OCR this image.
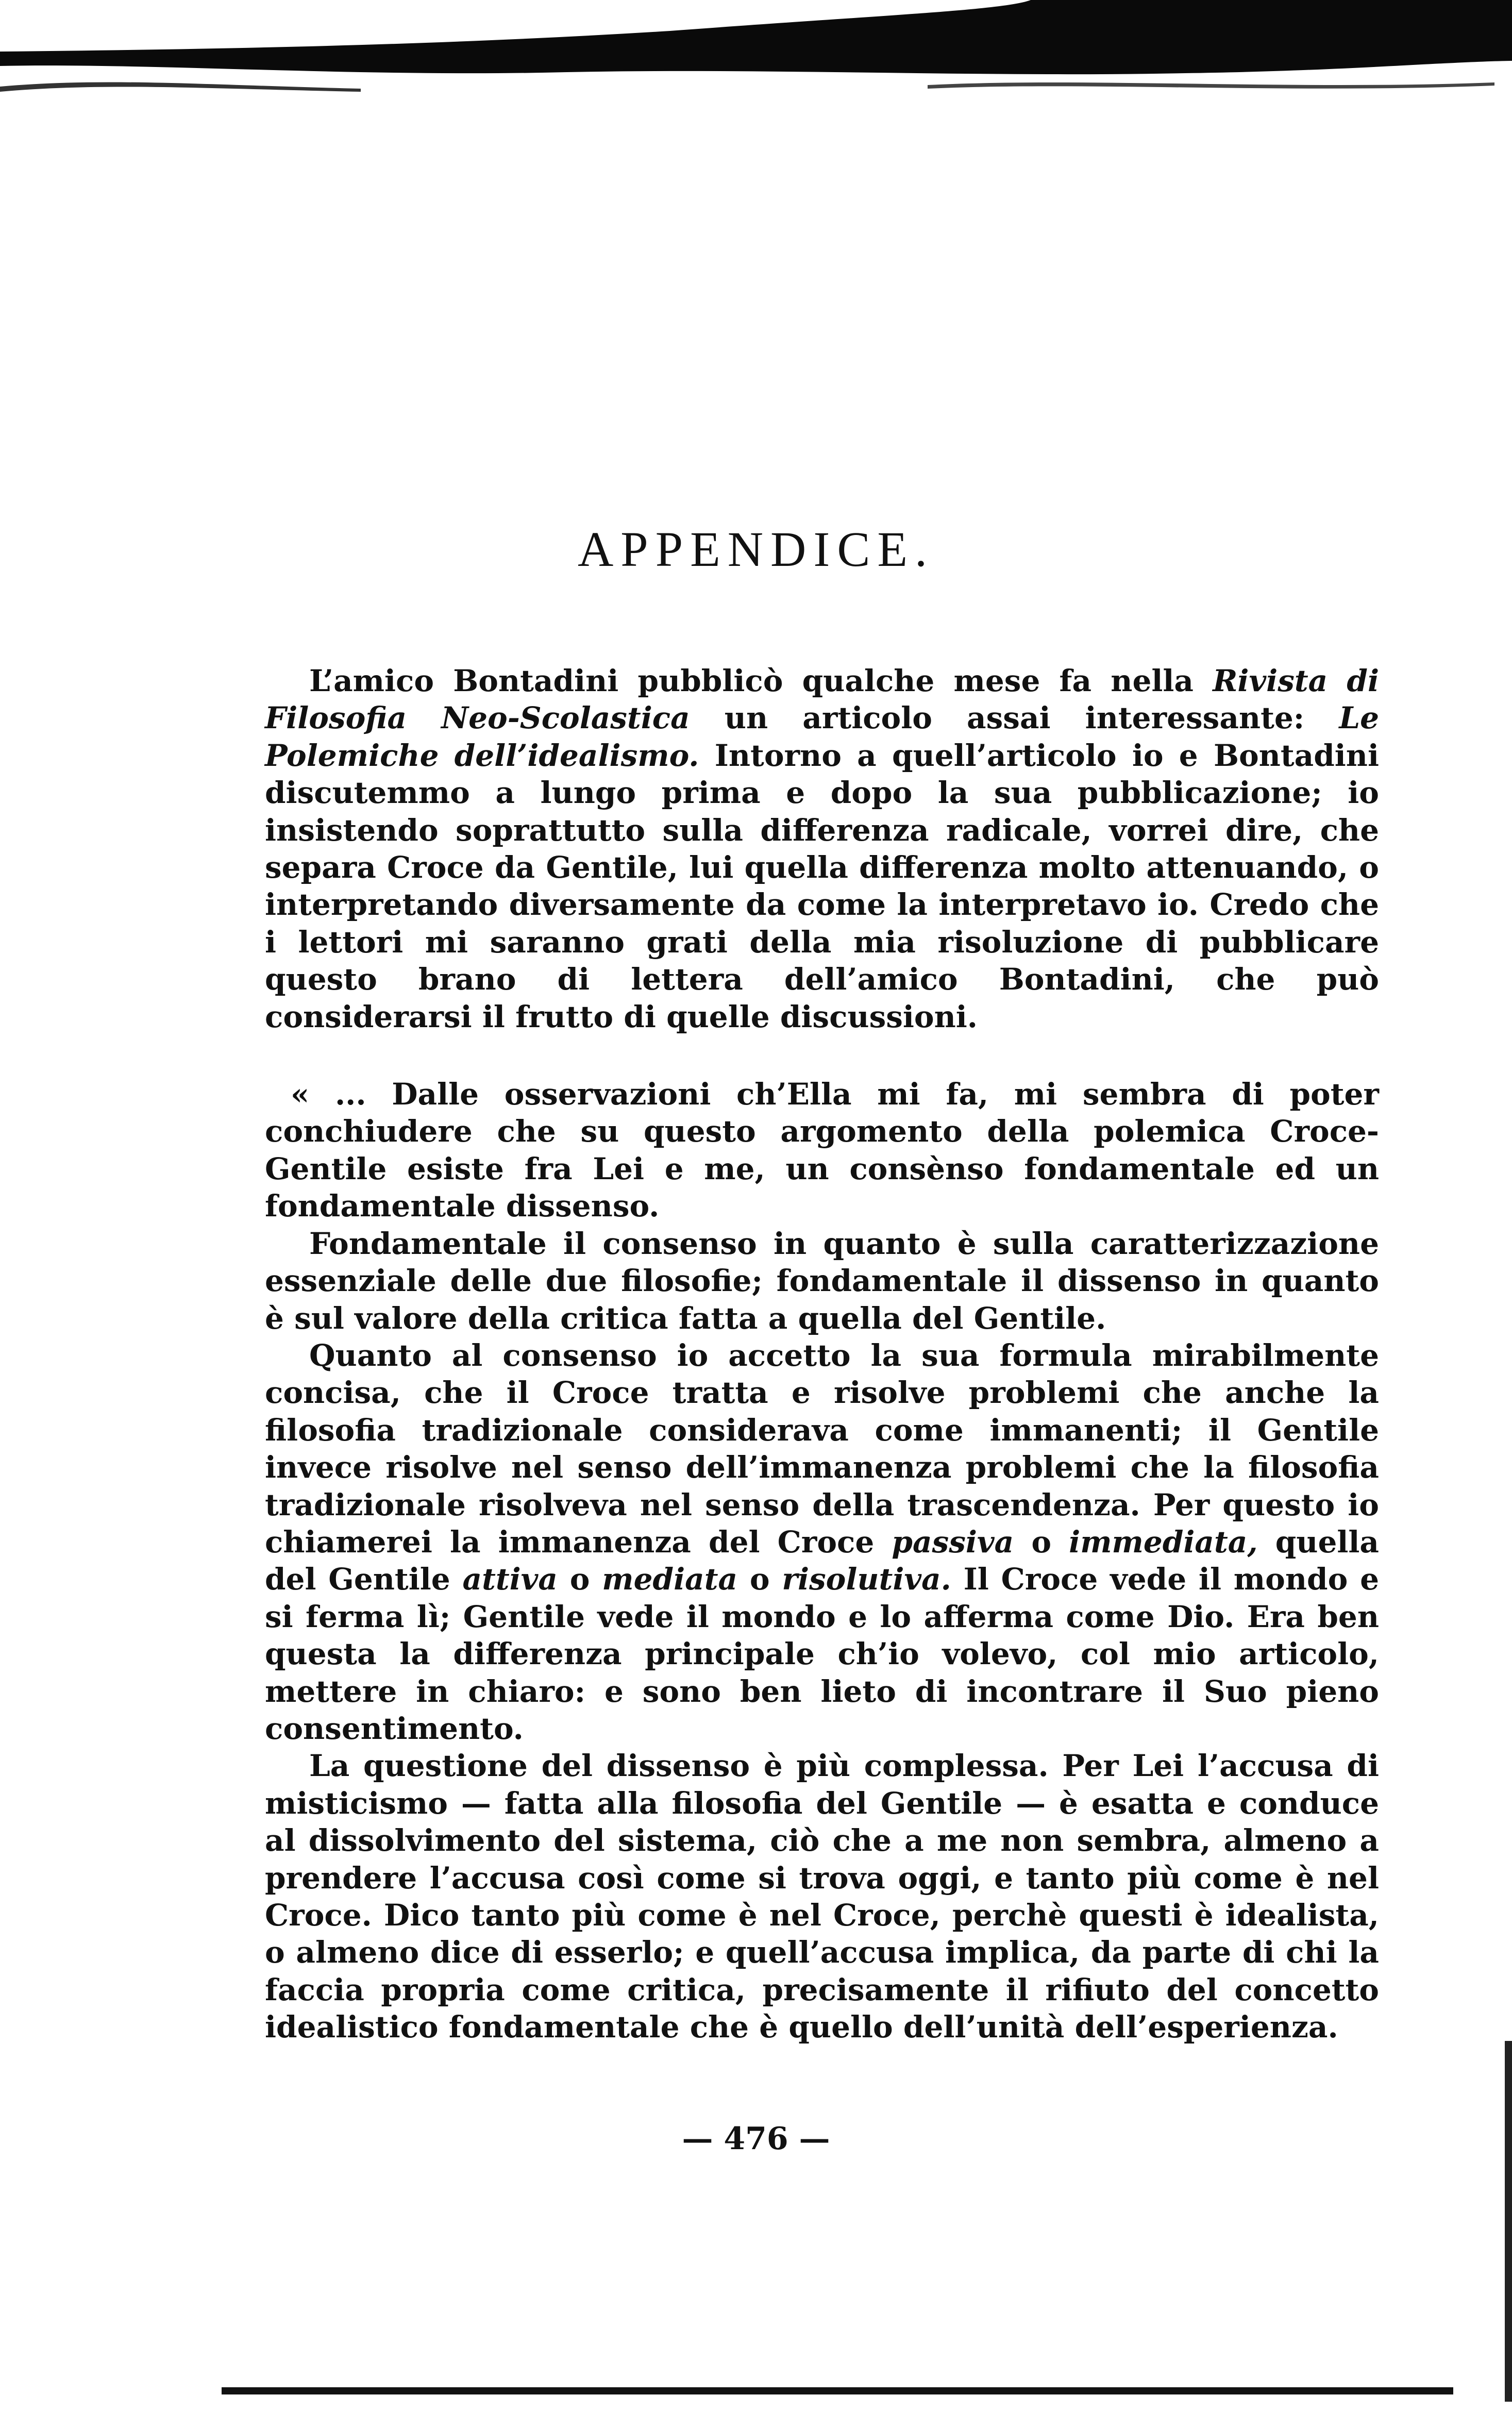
APPENDICE.

L’amico Bontadini pubblicò qualche mese fa nella Rivista di Filosofia Neo-Scolastica un articolo assai interessante: Le Polemiche dell’idealismo. Intorno a quell’articolo io e Bontadini discutemmo a lungo prima e dopo la sua pubblicazione; io insistendo soprattutto sulla differenza radicale, vorrei dire, che separa Croce da Gentile, lui quella differenza molto attenuando, o interpretando diversamente da come la interpretavo io. Credo che i lettori mi saranno grati della mia risoluzione di pubblicare questo brano di lettera dell’amico Bontadini, che può considerarsi il frutto di quelle discussioni.

« ... Dalle osservazioni ch’Ella mi fa, mi sembra di poter conchiudere che su questo argomento della polemica Croce-Gentile esiste fra Lei e me, un consènso fondamentale ed un fondamentale dissenso.

Fondamentale il consenso in quanto è sulla caratterizzazione essenziale delle due filosofie; fondamentale il dissenso in quanto è sul valore della critica fatta a quella del Gentile.

Quanto al consenso io accetto la sua formula mirabilmente concisa, che il Croce tratta e risolve problemi che anche la filosofia tradizionale considerava come immanenti; il Gentile invece risolve nel senso dell’immanenza problemi che la filosofia tradizionale risolveva nel senso della trascendenza. Per questo io chiamerei la immanenza del Croce passiva o immediata, quella del Gentile attiva o mediata o risolutiva. Il Croce vede il mondo e si ferma lì; Gentile vede il mondo e lo afferma come Dio. Era ben questa la differenza principale ch’io volevo, col mio articolo, mettere in chiaro: e sono ben lieto di incontrare il Suo pieno consentimento.

La questione del dissenso è più complessa. Per Lei l’accusa di misticismo — fatta alla filosofia del Gentile — è esatta e conduce al dissolvimento del sistema, ciò che a me non sembra, almeno a prendere l’accusa così come si trova oggi, e tanto più come è nel Croce. Dico tanto più come è nel Croce, perchè questi è idealista, o almeno dice di esserlo; e quell’accusa implica, da parte di chi la faccia propria come critica, precisamente il rifiuto del concetto idealistico fondamentale che è quello dell’unità dell’esperienza.

— 476 —
